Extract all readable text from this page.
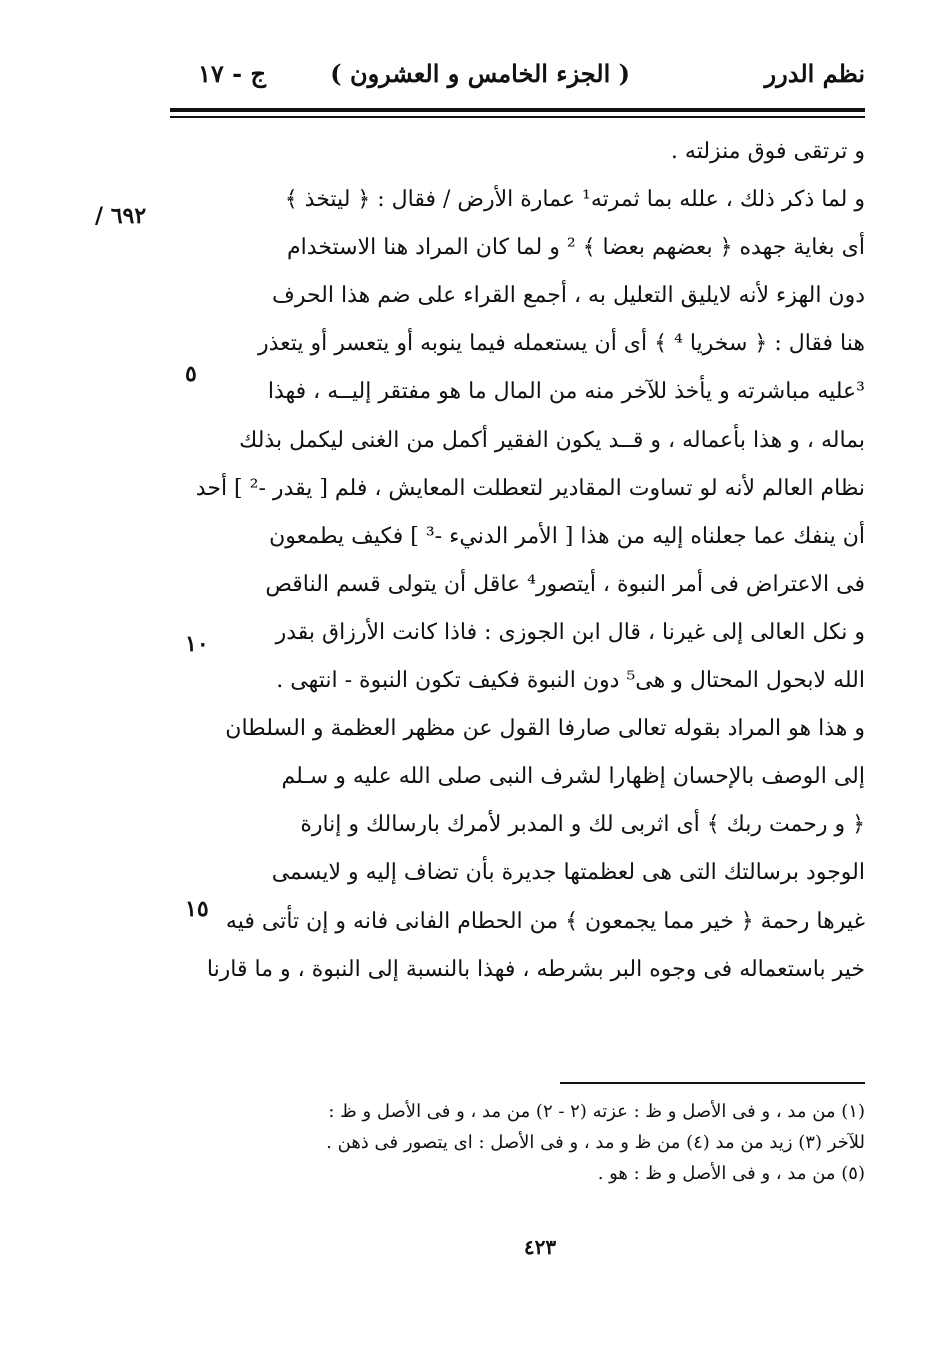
نظم الدرر
( الجزء الخامس و العشرون )
ج - ١٧
٦٩٢ /
٥
١٠
١٥
و ترتقى فوق منزلته .
و لما ذكر ذلك ، علله بما ثمرته¹ عمارة الأرض / فقال : ﴿ ليتخذ ﴾
أى بغاية جهده ﴿ بعضهم بعضا ﴾ ² و لما كان المراد هنا الاستخدام
دون الهزء لأنه لايليق التعليل به ، أجمع القراء على ضم هذا الحرف
هنا فقال : ﴿ سخريا ⁴ ﴾ أى أن يستعمله فيما ينوبه أو يتعسر أو يتعذر
³عليه مباشرته و يأخذ للآخر منه من المال ما هو مفتقر إليــه ، فهذا
بماله ، و هذا بأعماله ، و قــد يكون الفقير أكمل من الغنى ليكمل بذلك
نظام العالم لأنه لو تساوت المقادير لتعطلت المعايش ، فلم [ يقدر -² ] أحد
أن ينفك عما جعلناه إليه من هذا [ الأمر الدنيء -³ ] فكيف يطمعون
فى الاعتراض فى أمر النبوة ، أيتصور⁴ عاقل أن يتولى قسم الناقص
و نكل العالى إلى غيرنا ، قال ابن الجوزى : فاذا كانت الأرزاق بقدر
الله لابحول المحتال و هى⁵ دون النبوة فكيف تكون النبوة - انتهى .
و هذا هو المراد بقوله تعالى صارفا القول عن مظهر العظمة و السلطان
إلى الوصف بالإحسان إظهارا لشرف النبى صلى الله عليه و سـلم
﴿ و رحمت ربك ﴾ أى اثربى لك و المدبر لأمرك بارسالك و إنارة
الوجود برسالتك التى هى لعظمتها جديرة بأن تضاف إليه و لايسمى
غيرها رحمة ﴿ خير مما يجمعون ﴾ من الحطام الفانى فانه و إن تأتى فيه
خير باستعماله فى وجوه البر بشرطه ، فهذا بالنسبة إلى النبوة ، و ما قارنا
(١) من مد ، و فى الأصل و ظ : عزته (٢ - ٢) من مد ، و فى الأصل و ظ :
للآخر (٣) زيد من مد (٤) من ظ و مد ، و فى الأصل : اى يتصور فى ذهن .
(٥) من مد ، و فى الأصل و ظ : هو .
٤٢٣
